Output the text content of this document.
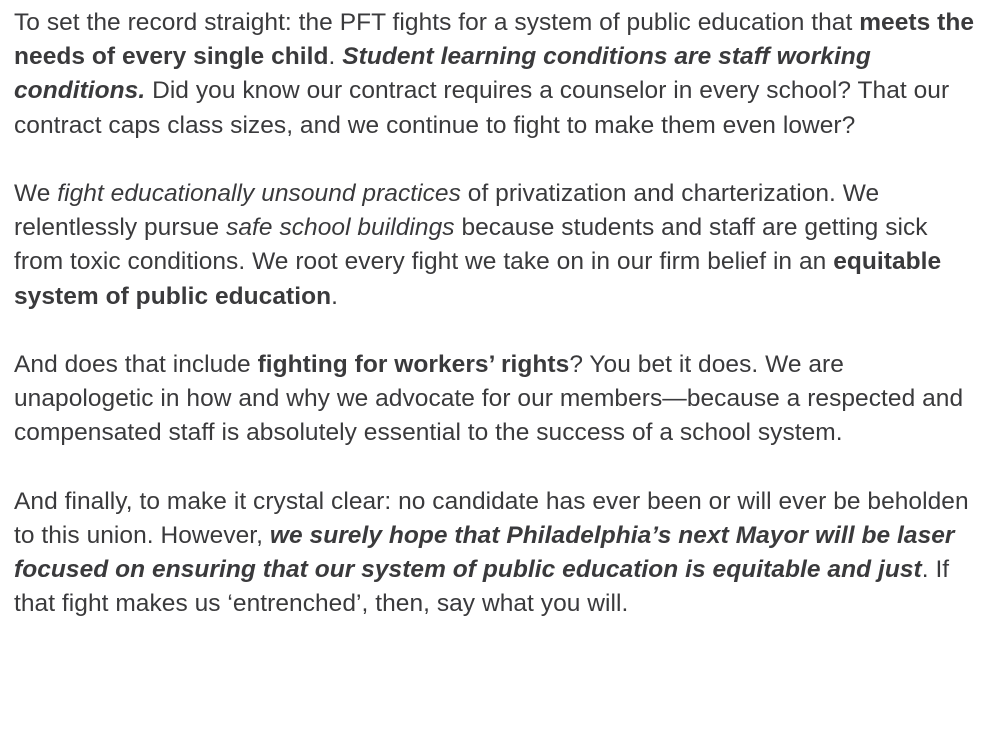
To set the record straight: the PFT fights for a system of public education that meets the needs of every single child. Student learning conditions are staff working conditions. Did you know our contract requires a counselor in every school? That our contract caps class sizes, and we continue to fight to make them even lower?

We fight educationally unsound practices of privatization and charterization. We relentlessly pursue safe school buildings because students and staff are getting sick from toxic conditions. We root every fight we take on in our firm belief in an equitable system of public education.

And does that include fighting for workers’ rights? You bet it does. We are unapologetic in how and why we advocate for our members—because a respected and compensated staff is absolutely essential to the success of a school system.

And finally, to make it crystal clear: no candidate has ever been or will ever be beholden to this union. However, we surely hope that Philadelphia’s next Mayor will be laser focused on ensuring that our system of public education is equitable and just. If that fight makes us ‘entrenched’, then, say what you will.
